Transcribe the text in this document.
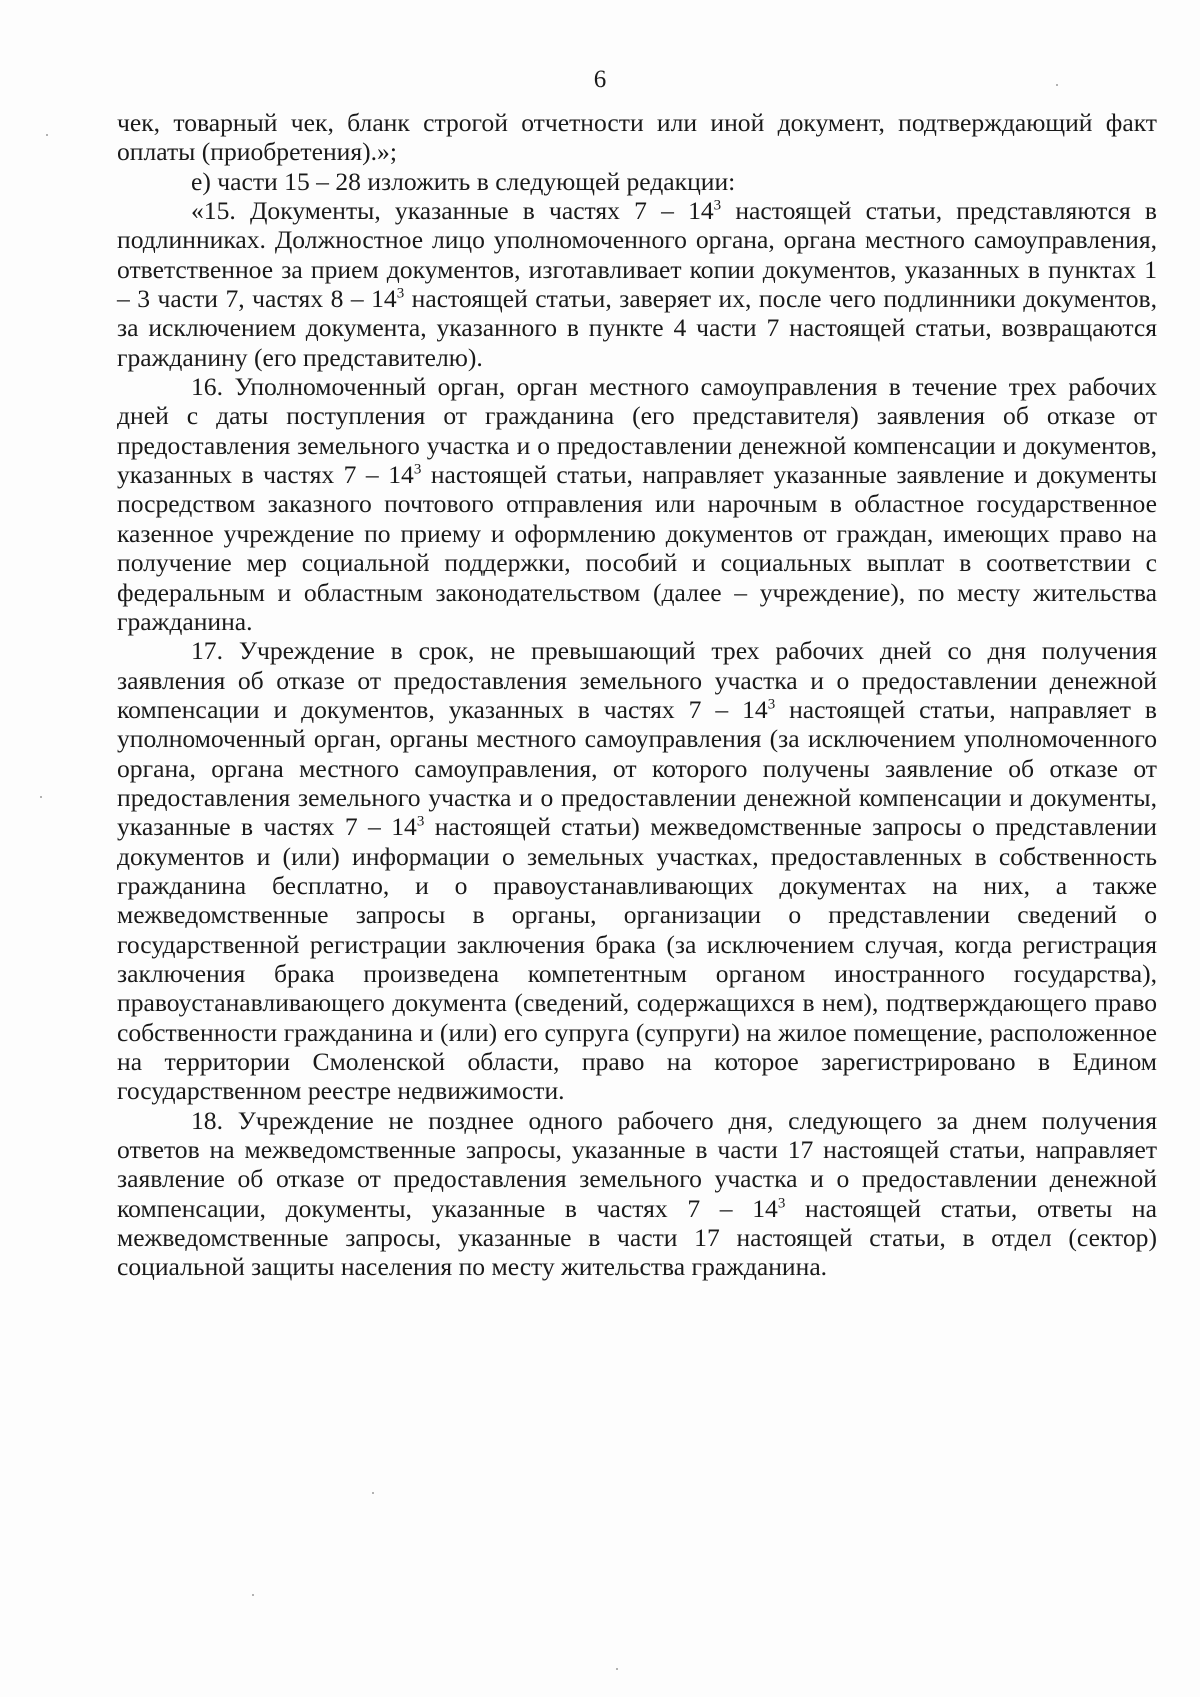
6

чек, товарный чек, бланк строгой отчетности или иной документ, подтверждающий факт оплаты (приобретения).»;

е) части 15 – 28 изложить в следующей редакции:

«15. Документы, указанные в частях $7 - 14^3$ настоящей статьи, представляются в подлинниках. Должностное лицо уполномоченного органа, органа местного самоуправления, ответственное за прием документов, изготавливает копии документов, указанных в пунктах 1 – 3 части 7, частях $8 - 14^3$ настоящей статьи, заверяет их, после чего подлинники документов, за исключением документа, указанного в пункте 4 части 7 настоящей статьи, возвращаются гражданину (его представителю).

16. Уполномоченный орган, орган местного самоуправления в течение трех рабочих дней с даты поступления от гражданина (его представителя) заявления об отказе от предоставления земельного участка и о предоставлении денежной компенсации и документов, указанных в частях $7 - 14^3$ настоящей статьи, направляет указанные заявление и документы посредством заказного почтового отправления или нарочным в областное государственное казенное учреждение по приему и оформлению документов от граждан, имеющих право на получение мер социальной поддержки, пособий и социальных выплат в соответствии с федеральным и областным законодательством (далее – учреждение), по месту жительства гражданина.

17. Учреждение в срок, не превышающий трех рабочих дней со дня получения заявления об отказе от предоставления земельного участка и о предоставлении денежной компенсации и документов, указанных в частях $7 - 14^3$ настоящей статьи, направляет в уполномоченный орган, органы местного самоуправления (за исключением уполномоченного органа, органа местного самоуправления, от которого получены заявление об отказе от предоставления земельного участка и о предоставлении денежной компенсации и документы, указанные в частях $7 - 14^3$ настоящей статьи) межведомственные запросы о представлении документов и (или) информации о земельных участках, предоставленных в собственность гражданина бесплатно, и о правоустанавливающих документах на них, а также межведомственные запросы в органы, организации о представлении сведений о государственной регистрации заключения брака (за исключением случая, когда регистрация заключения брака произведена компетентным органом иностранного государства), правоустанавливающего документа (сведений, содержащихся в нем), подтверждающего право собственности гражданина и (или) его супруга (супруги) на жилое помещение, расположенное на территории Смоленской области, право на которое зарегистрировано в Едином государственном реестре недвижимости.

18. Учреждение не позднее одного рабочего дня, следующего за днем получения ответов на межведомственные запросы, указанные в части 17 настоящей статьи, направляет заявление об отказе от предоставления земельного участка и о предоставлении денежной компенсации, документы, указанные в частях $7 - 14^3$ настоящей статьи, ответы на межведомственные запросы, указанные в части 17 настоящей статьи, в отдел (сектор) социальной защиты населения по месту жительства гражданина.
